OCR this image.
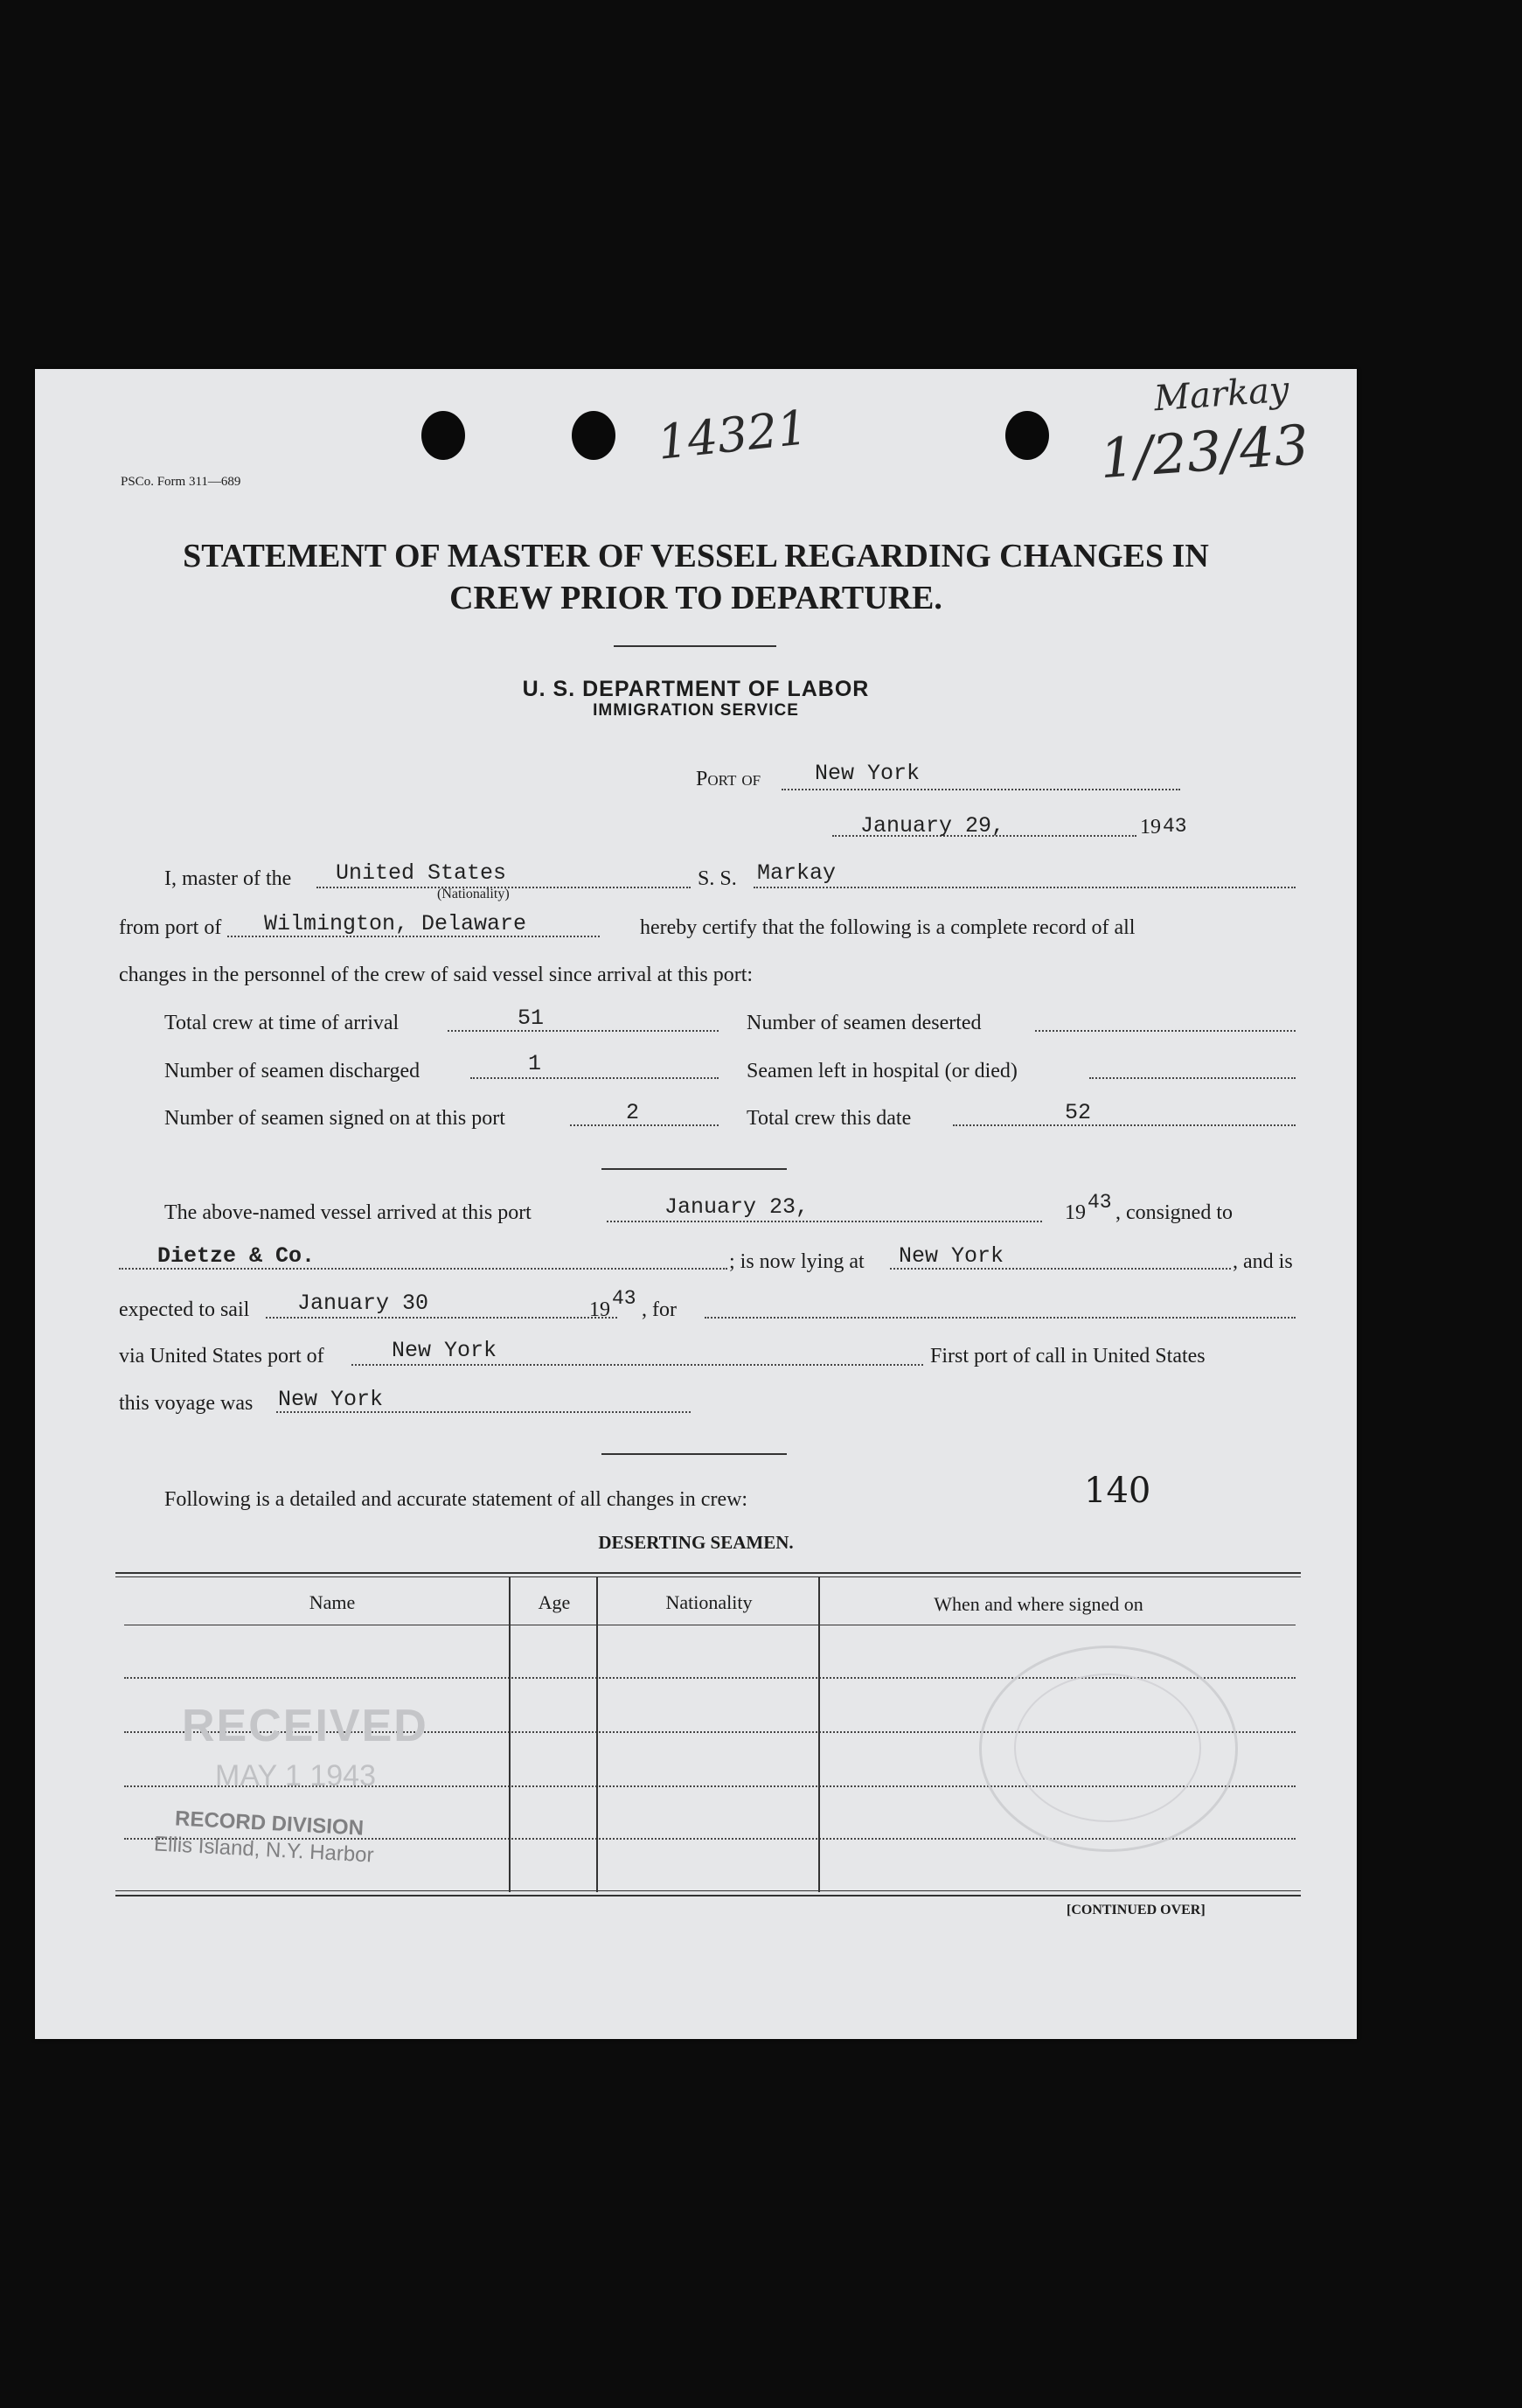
14321
Markay
1/23/43
PSCo. Form 311—689
STATEMENT OF MASTER OF VESSEL REGARDING CHANGES IN
CREW PRIOR TO DEPARTURE.
U. S. DEPARTMENT OF LABOR
IMMIGRATION SERVICE
Port of New York
January 29,	19 43
I, master of the United States
(Nationality)
S. S. Markay
from port of Wilmington, Delaware	hereby certify that the following is a complete record of all
changes in the personnel of the crew of said vessel since arrival at this port:
Total crew at time of arrival	51	Number of seamen deserted
Number of seamen discharged	1	Seamen left in hospital (or died)
Number of seamen signed on at this port	2	Total crew this date	52
The above-named vessel arrived at this port	January 23,	19 43 , consigned to
Dietze & Co.	; is now lying at New York	, and is
expected to sail January 30	19 43 , for
via United States port of	New York	First port of call in United States
this voyage was New York
Following is a detailed and accurate statement of all changes in crew:	140
DESERTING SEAMEN.
Name	Age	Nationality	When and where signed on
RECEIVED
MAY 1 1943
RECORD DIVISION
Ellis Island, N.Y. Harbor
[CONTINUED OVER]
